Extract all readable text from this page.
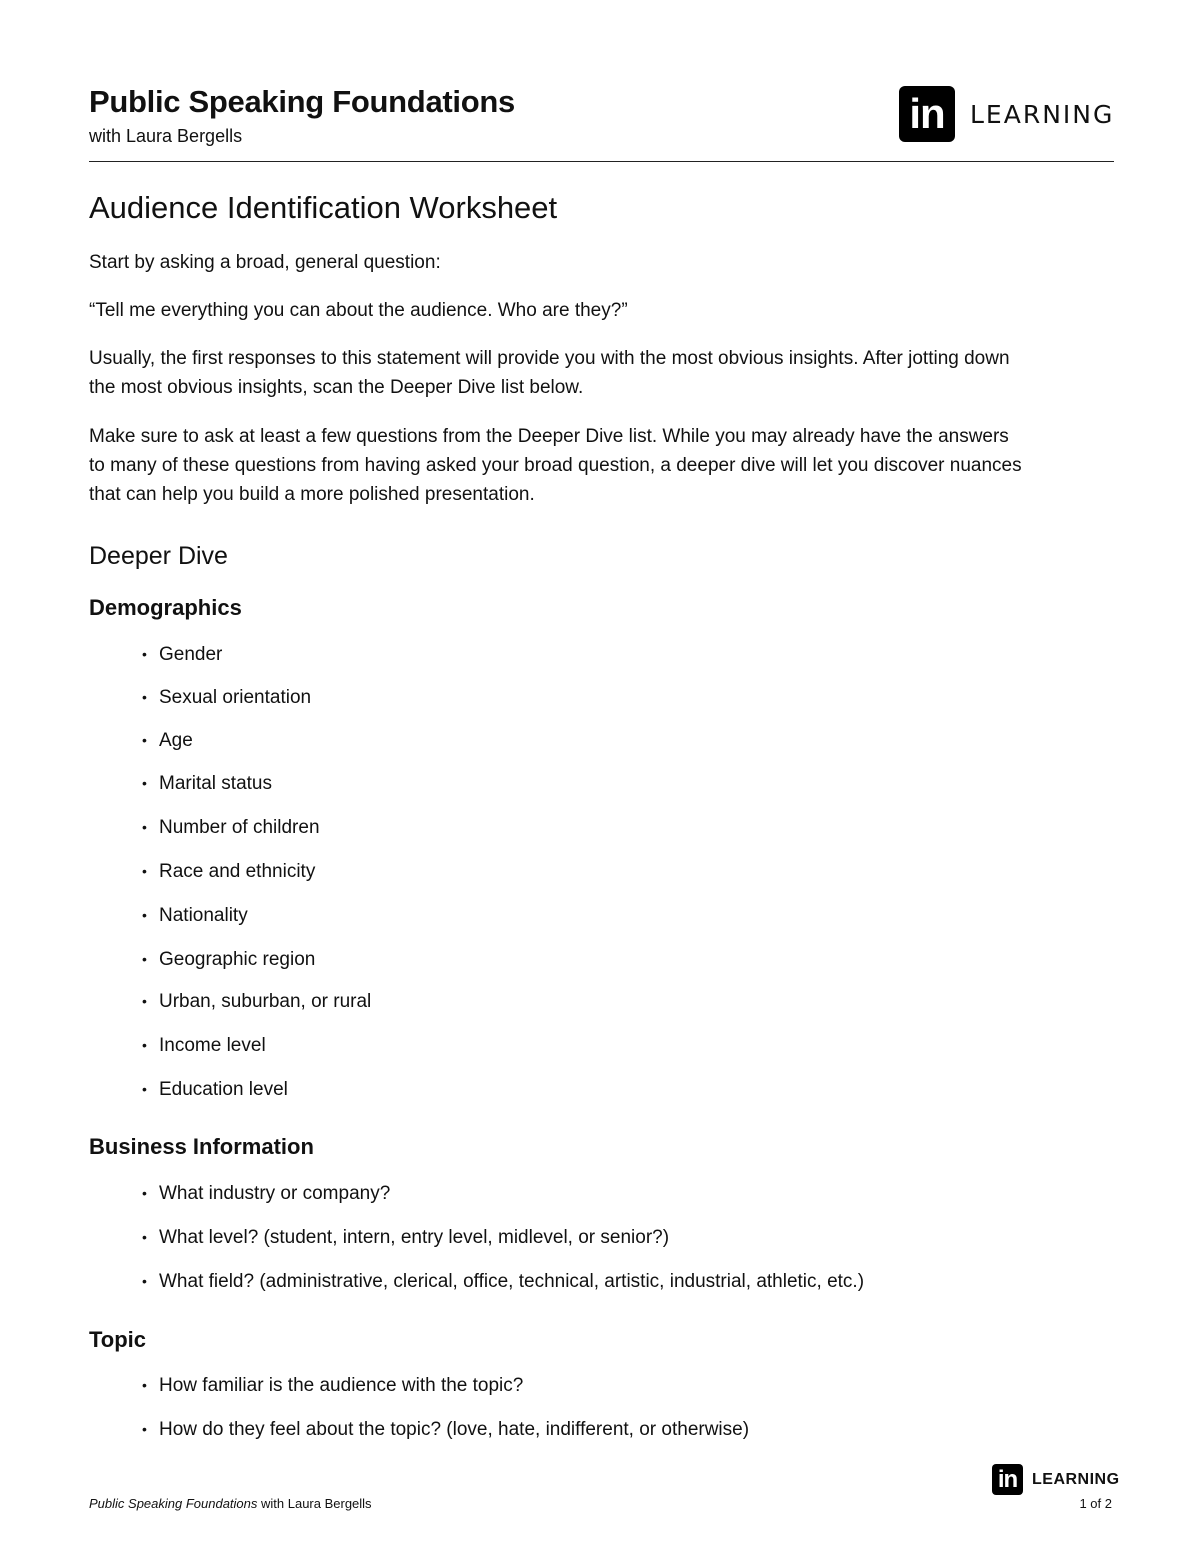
Public Speaking Foundations
with Laura Bergells	in	LEARNING
Audience Identification Worksheet

Start by asking a broad, general question:

“Tell me everything you can about the audience. Who are they?”

Usually, the first responses to this statement will provide you with the most obvious insights. After jotting down the most obvious insights, scan the Deeper Dive list below.

Make sure to ask at least a few questions from the Deeper Dive list. While you may already have the answers to many of these questions from having asked your broad question, a deeper dive will let you discover nuances that can help you build a more polished presentation.

Deeper Dive
Demographics
• Gender
• Sexual orientation
• Age
• Marital status
• Number of children
• Race and ethnicity
• Nationality
• Geographic region
• Urban, suburban, or rural
• Income level
• Education level
Business Information
• What industry or company?
• What level? (student, intern, entry level, midlevel, or senior?)
• What field? (administrative, clerical, office, technical, artistic, industrial, athletic, etc.)
Topic
• How familiar is the audience with the topic?
• How do they feel about the topic? (love, hate, indifferent, or otherwise)
in LEARNING
Public Speaking Foundations with Laura Bergells	1 of 2
